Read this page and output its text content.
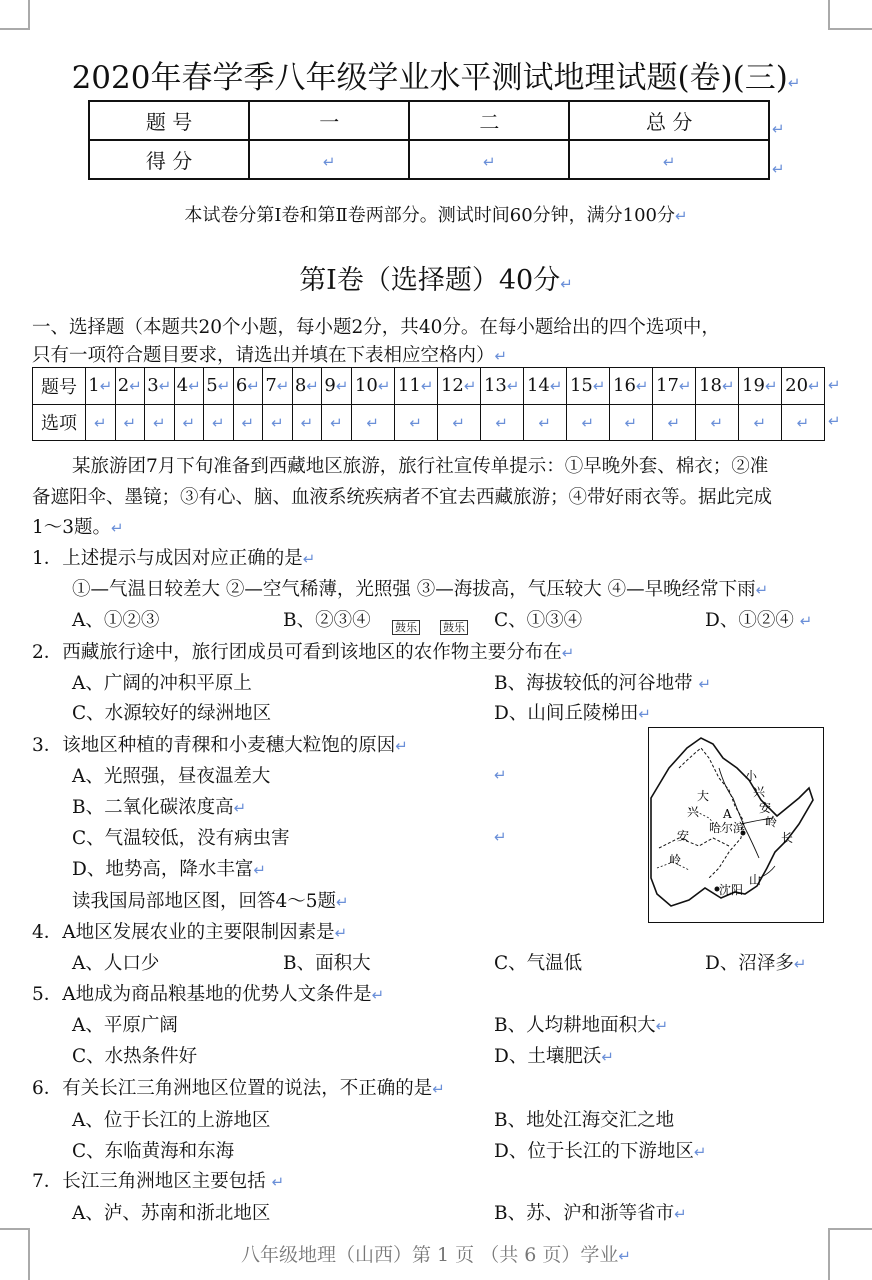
2020年春学季八年级学业水平测试地理试题(卷)(三)↵
题 号	一	二	总 分
得 分	↵	↵	↵
↵
↵
本试卷分第Ⅰ卷和第Ⅱ卷两部分。测试时间60分钟，满分100分↵
第Ⅰ卷（选择题）40分↵
一、选择题（本题共20个小题，每小题2分，共40分。在每小题给出的四个选项中，
只有一项符合题目要求，请选出并填在下表相应空格内）↵
题号	1↵	2↵	3↵	4↵	5↵	6↵	7↵	8↵	9↵	10↵	11↵	12↵	13↵	14↵	15↵	16↵	17↵	18↵	19↵	20↵
选项	↵	↵	↵	↵	↵	↵	↵	↵	↵	↵	↵	↵	↵	↵	↵	↵	↵	↵	↵	↵
某旅游团7月下旬准备到西藏地区旅游，旅行社宣传单提示：①早晚外套、棉衣；②准
备遮阳伞、墨镜；③有心、脑、血液系统疾病者不宜去西藏旅游；④带好雨衣等。据此完成
1～3题。↵
1．上述提示与成因对应正确的是↵
①—气温日较差大 ②—空气稀薄，光照强 ③—海拔高，气压较大 ④—早晚经常下雨↵
A、①②③	B、②③④	C、①③④	D、①②④ ↵
2．西藏旅行途中，旅行团成员可看到该地区的农作物主要分布在↵
鼓乐 鼓乐
A、广阔的冲积平原上	B、海拔较低的河谷地带 ↵
C、水源较好的绿洲地区	D、山间丘陵梯田↵
3．该地区种植的青稞和小麦穗大粒饱的原因↵
A、光照强，昼夜温差大	↵
B、二氧化碳浓度高↵
C、气温较低，没有病虫害	↵
D、地势高，降水丰富↵
读我国局部地区图，回答4～5题↵
小
兴
安
岭
大
兴 A
哈尔滨
安
岭
长
山
沈阳
4．A地区发展农业的主要限制因素是↵
A、人口少	B、面积大	C、气温低	D、沼泽多↵
5．A地成为商品粮基地的优势人文条件是↵
A、平原广阔	B、人均耕地面积大↵
C、水热条件好	D、土壤肥沃↵
6．有关长江三角洲地区位置的说法，不正确的是↵
A、位于长江的上游地区	B、地处江海交汇之地
C、东临黄海和东海	D、位于长江的下游地区↵
7．长江三角洲地区主要包括 ↵
A、泸、苏南和浙北地区	B、苏、沪和浙等省市↵
八年级地理（山西）第 1 页 （共 6 页）学业↵
↵
↵
